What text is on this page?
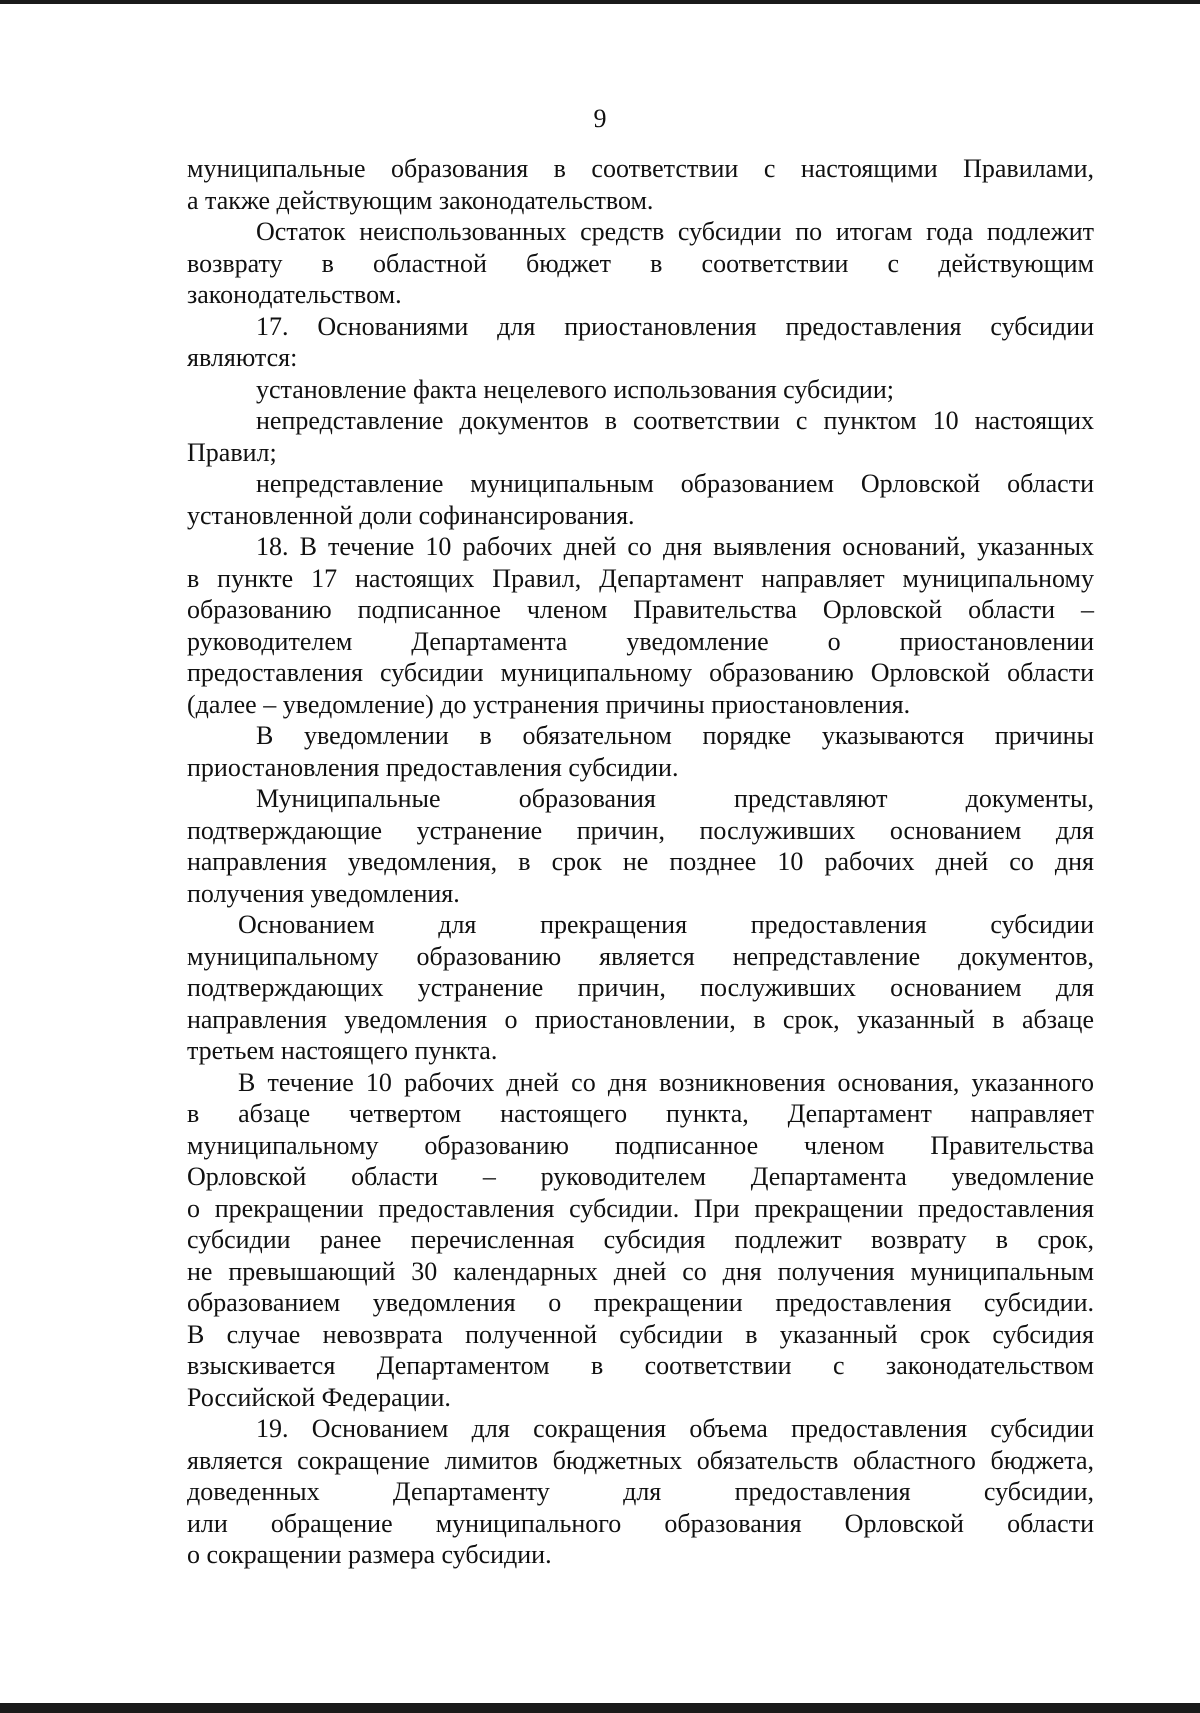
9
муниципальные образования в соответствии с настоящими Правилами,
а также действующим законодательством.
Остаток неиспользованных средств субсидии по итогам года подлежит
возврату в областной бюджет в соответствии с действующим
законодательством.
17. Основаниями для приостановления предоставления субсидии
являются:
установление факта нецелевого использования субсидии;
непредставление документов в соответствии с пунктом 10 настоящих
Правил;
непредставление муниципальным образованием Орловской области
установленной доли софинансирования.
18. В течение 10 рабочих дней со дня выявления оснований, указанных
в пункте 17 настоящих Правил, Департамент направляет муниципальному
образованию подписанное членом Правительства Орловской области –
руководителем Департамента уведомление о приостановлении
предоставления субсидии муниципальному образованию Орловской области
(далее – уведомление) до устранения причины приостановления.
В уведомлении в обязательном порядке указываются причины
приостановления предоставления субсидии.
Муниципальные образования представляют документы,
подтверждающие устранение причин, послуживших основанием для
направления уведомления, в срок не позднее 10 рабочих дней со дня
получения уведомления.
Основанием для прекращения предоставления субсидии
муниципальному образованию является непредставление документов,
подтверждающих устранение причин, послуживших основанием для
направления уведомления о приостановлении, в срок, указанный в абзаце
третьем настоящего пункта.
В течение 10 рабочих дней со дня возникновения основания, указанного
в абзаце четвертом настоящего пункта, Департамент направляет
муниципальному образованию подписанное членом Правительства
Орловской области – руководителем Департамента уведомление
о прекращении предоставления субсидии. При прекращении предоставления
субсидии ранее перечисленная субсидия подлежит возврату в срок,
не превышающий 30 календарных дней со дня получения муниципальным
образованием уведомления о прекращении предоставления субсидии.
В случае невозврата полученной субсидии в указанный срок субсидия
взыскивается Департаментом в соответствии с законодательством
Российской Федерации.
19. Основанием для сокращения объема предоставления субсидии
является сокращение лимитов бюджетных обязательств областного бюджета,
доведенных Департаменту для предоставления субсидии,
или обращение муниципального образования Орловской области
о сокращении размера субсидии.
